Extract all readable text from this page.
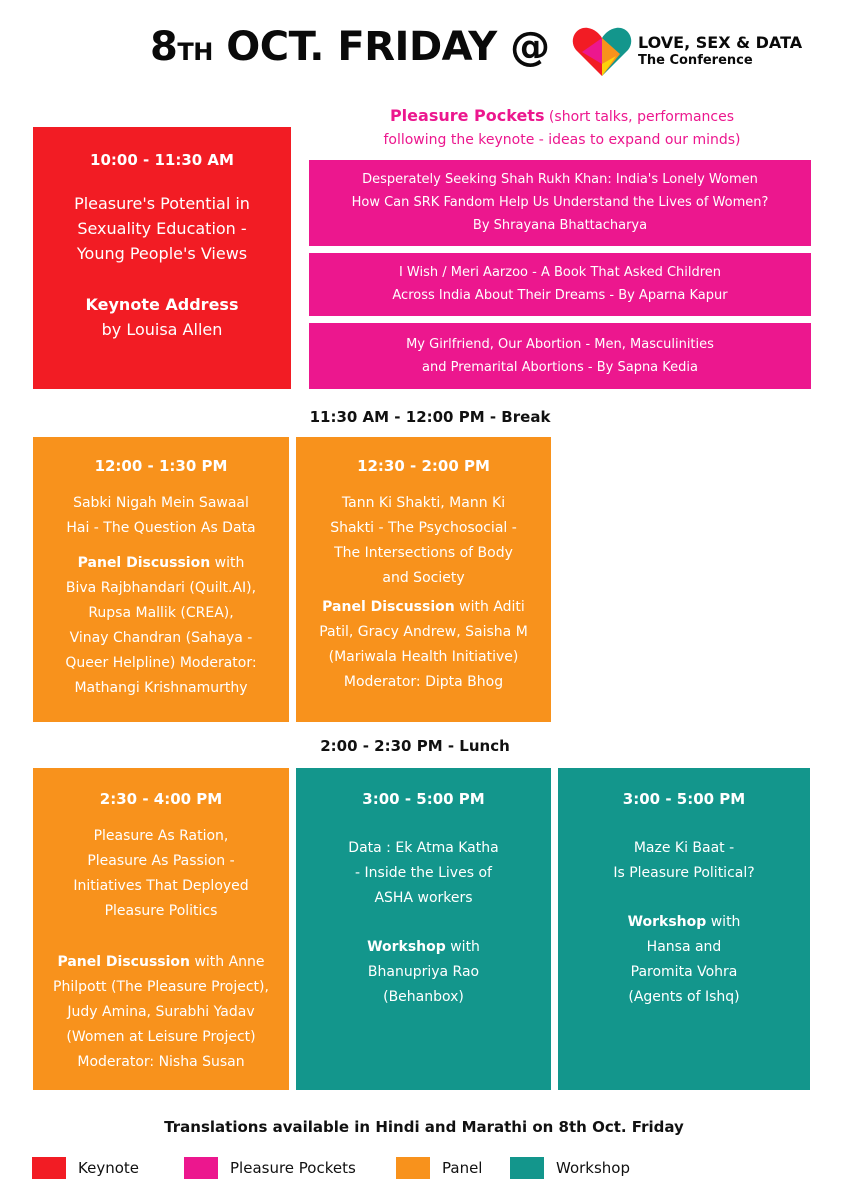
8TH OCT. FRIDAY @	LOVE, SEX & DATA
The Conference
Pleasure Pockets (short talks, performances
following the keynote - ideas to expand our minds)
10:00 - 11:30 AM
Pleasure's Potential in
Sexuality Education -
Young People's Views
Keynote Address
by Louisa Allen
Desperately Seeking Shah Rukh Khan: India's Lonely Women
How Can SRK Fandom Help Us Understand the Lives of Women?
By Shrayana Bhattacharya
I Wish / Meri Aarzoo - A Book That Asked Children
Across India About Their Dreams - By Aparna Kapur
My Girlfriend, Our Abortion - Men, Masculinities
and Premarital Abortions - By Sapna Kedia
11:30 AM - 12:00 PM - Break
12:00 - 1:30 PM
Sabki Nigah Mein Sawaal
Hai - The Question As Data
Panel Discussion with
Biva Rajbhandari (Quilt.AI),
Rupsa Mallik (CREA),
Vinay Chandran (Sahaya -
Queer Helpline) Moderator:
Mathangi Krishnamurthy
12:30 - 2:00 PM
Tann Ki Shakti, Mann Ki
Shakti - The Psychosocial -
The Intersections of Body
and Society
Panel Discussion with Aditi
Patil, Gracy Andrew, Saisha M
(Mariwala Health Initiative)
Moderator: Dipta Bhog
2:00 - 2:30 PM - Lunch
2:30 - 4:00 PM
Pleasure As Ration,
Pleasure As Passion -
Initiatives That Deployed
Pleasure Politics
Panel Discussion with Anne
Philpott (The Pleasure Project),
Judy Amina, Surabhi Yadav
(Women at Leisure Project)
Moderator: Nisha Susan
3:00 - 5:00 PM
Data : Ek Atma Katha
- Inside the Lives of
ASHA workers
Workshop with
Bhanupriya Rao
(Behanbox)
3:00 - 5:00 PM
Maze Ki Baat -
Is Pleasure Political?
Workshop with
Hansa and
Paromita Vohra
(Agents of Ishq)
Translations available in Hindi and Marathi on 8th Oct. Friday
Keynote	Pleasure Pockets	Panel	Workshop
